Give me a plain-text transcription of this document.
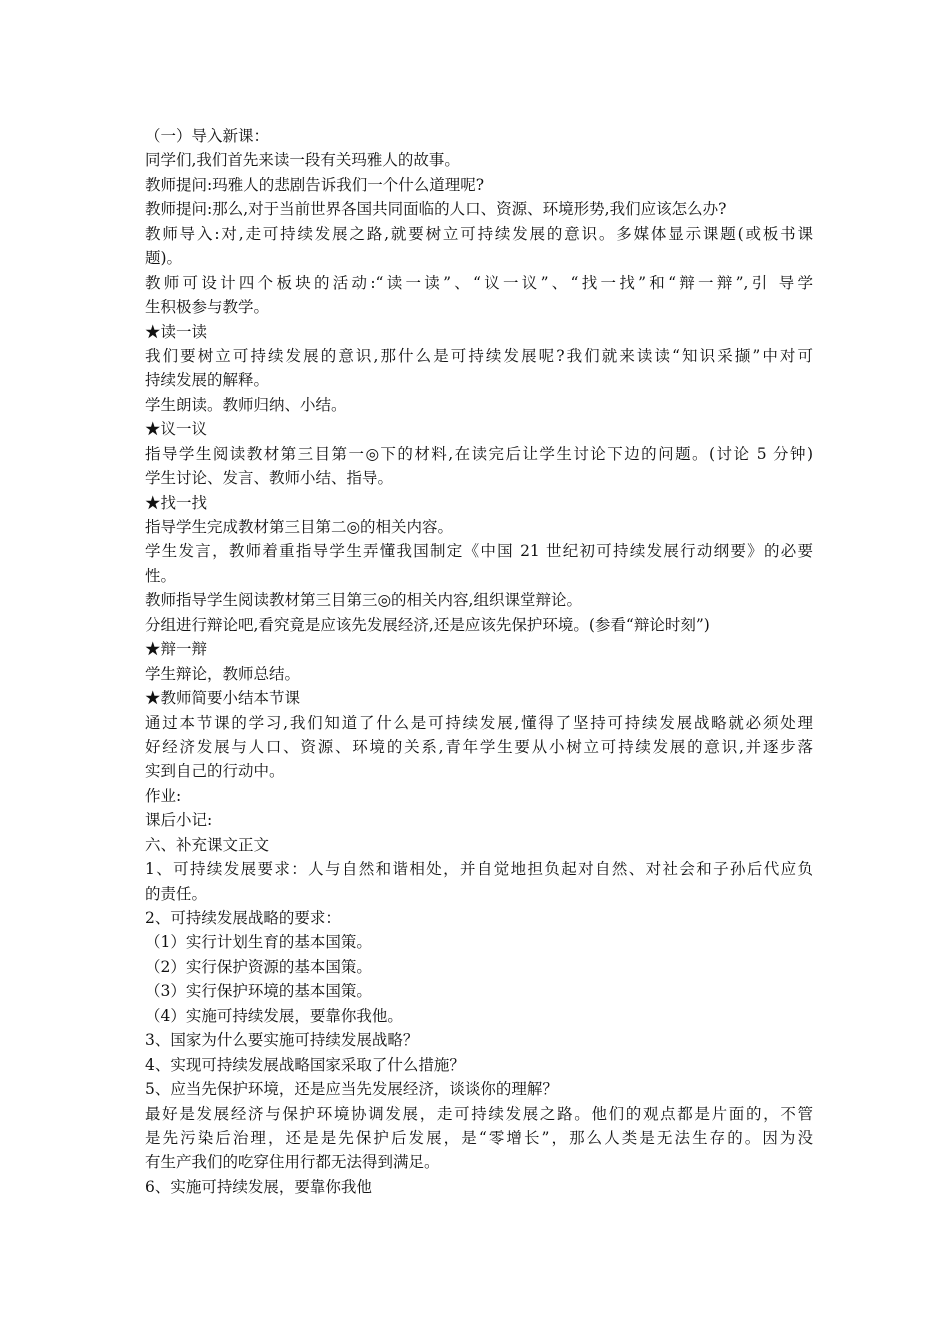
（一）导入新课：
同学们,我们首先来读一段有关玛雅人的故事。
教师提问:玛雅人的悲剧告诉我们一个什么道理呢?
教师提问:那么,对于当前世界各国共同面临的人口、资源、环境形势,我们应该怎么办?
教师导入:对,走可持续发展之路,就要树立可持续发展的意识。多媒体显示课题(或板书课
题)。
教师可设计四个板块的活动:“读一读”、“议一议”、“找一找”和“辩一辩”,引 导学
生积极参与教学。
★读一读
我们要树立可持续发展的意识,那什么是可持续发展呢?我们就来读读“知识采撷”中对可
持续发展的解释。
学生朗读。教师归纳、小结。
★议一议
指导学生阅读教材第三目第一◎下的材料,在读完后让学生讨论下边的问题。(讨论 5 分钟)
学生讨论、发言、教师小结、指导。
★找一找
指导学生完成教材第三目第二◎的相关内容。
学生发言，教师着重指导学生弄懂我国制定《中国 21 世纪初可持续发展行动纲要》的必要
性。
教师指导学生阅读教材第三目第三◎的相关内容,组织课堂辩论。
分组进行辩论吧,看究竟是应该先发展经济,还是应该先保护环境。(参看“辩论时刻”)
★辩一辩
学生辩论，教师总结。
★教师简要小结本节课
通过本节课的学习,我们知道了什么是可持续发展,懂得了坚持可持续发展战略就必须处理
好经济发展与人口、资源、环境的关系,青年学生要从小树立可持续发展的意识,并逐步落
实到自己的行动中。
作业:
课后小记:
六、补充课文正文
1、可持续发展要求：人与自然和谐相处，并自觉地担负起对自然、对社会和子孙后代应负
的责任。
2、可持续发展战略的要求：
（1）实行计划生育的基本国策。
（2）实行保护资源的基本国策。
（3）实行保护环境的基本国策。
（4）实施可持续发展，要靠你我他。
3、国家为什么要实施可持续发展战略？
4、实现可持续发展战略国家采取了什么措施？
5、应当先保护环境，还是应当先发展经济，谈谈你的理解？
最好是发展经济与保护环境协调发展，走可持续发展之路。他们的观点都是片面的，不管
是先污染后治理，还是是先保护后发展，是“零增长”，那么人类是无法生存的。因为没
有生产我们的吃穿住用行都无法得到满足。
6、实施可持续发展，要靠你我他
